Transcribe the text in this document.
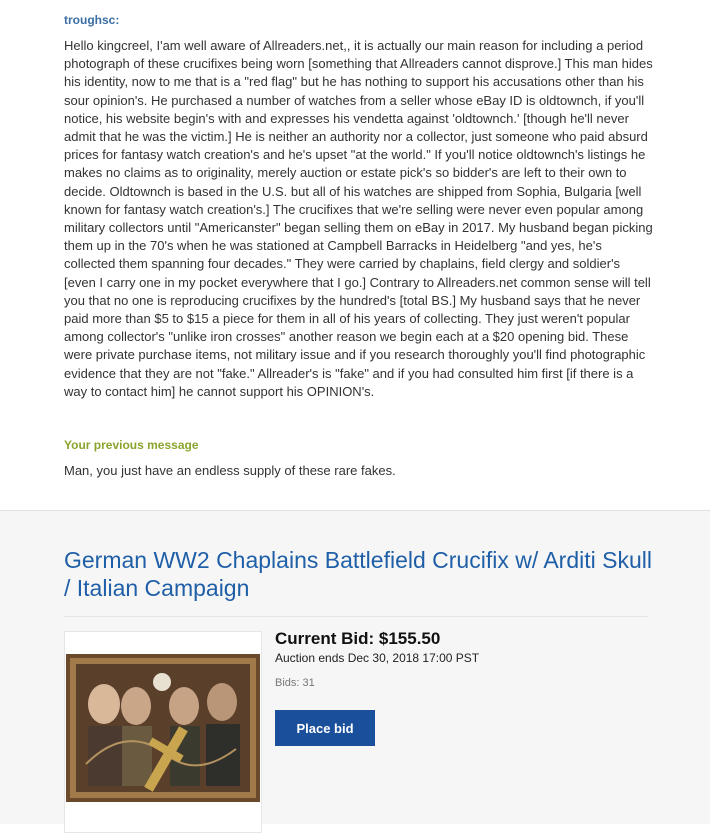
troughsc:
Hello kingcreel, I'am well aware of Allreaders.net,, it is actually our main reason for including a period photograph of these crucifixes being worn [something that Allreaders cannot disprove.] This man hides his identity, now to me that is a "red flag" but he has nothing to support his accusations other than his sour opinion's. He purchased a number of watches from a seller whose eBay ID is oldtownch, if you'll notice, his website begin's with and expresses his vendetta against 'oldtownch.' [though he'll never admit that he was the victim.] He is neither an authority nor a collector, just someone who paid absurd prices for fantasy watch creation's and he's upset "at the world." If you'll notice oldtownch's listings he makes no claims as to originality, merely auction or estate pick's so bidder's are left to their own to decide. Oldtownch is based in the U.S. but all of his watches are shipped from Sophia, Bulgaria [well known for fantasy watch creation's.] The crucifixes that we're selling were never even popular among military collectors until "Americanster" began selling them on eBay in 2017. My husband began picking them up in the 70's when he was stationed at Campbell Barracks in Heidelberg "and yes, he's collected them spanning four decades." They were carried by chaplains, field clergy and soldier's [even I carry one in my pocket everywhere that I go.] Contrary to Allreaders.net common sense will tell you that no one is reproducing crucifixes by the hundred's [total BS.] My husband says that he never paid more than $5 to $15 a piece for them in all of his years of collecting. They just weren't popular among collector's "unlike iron crosses" another reason we begin each at a $20 opening bid. These were private purchase items, not military issue and if you research thoroughly you'll find photographic evidence that they are not "fake." Allreader's is "fake" and if you had consulted him first [if there is a way to contact him] he cannot support his OPINION's.
Your previous message
Man, you just have an endless supply of these rare fakes.
German WW2 Chaplains Battlefield Crucifix w/ Arditi Skull / Italian Campaign
Current Bid: $155.50
Auction ends Dec 30, 2018 17:00 PST
Bids: 31
Place bid
